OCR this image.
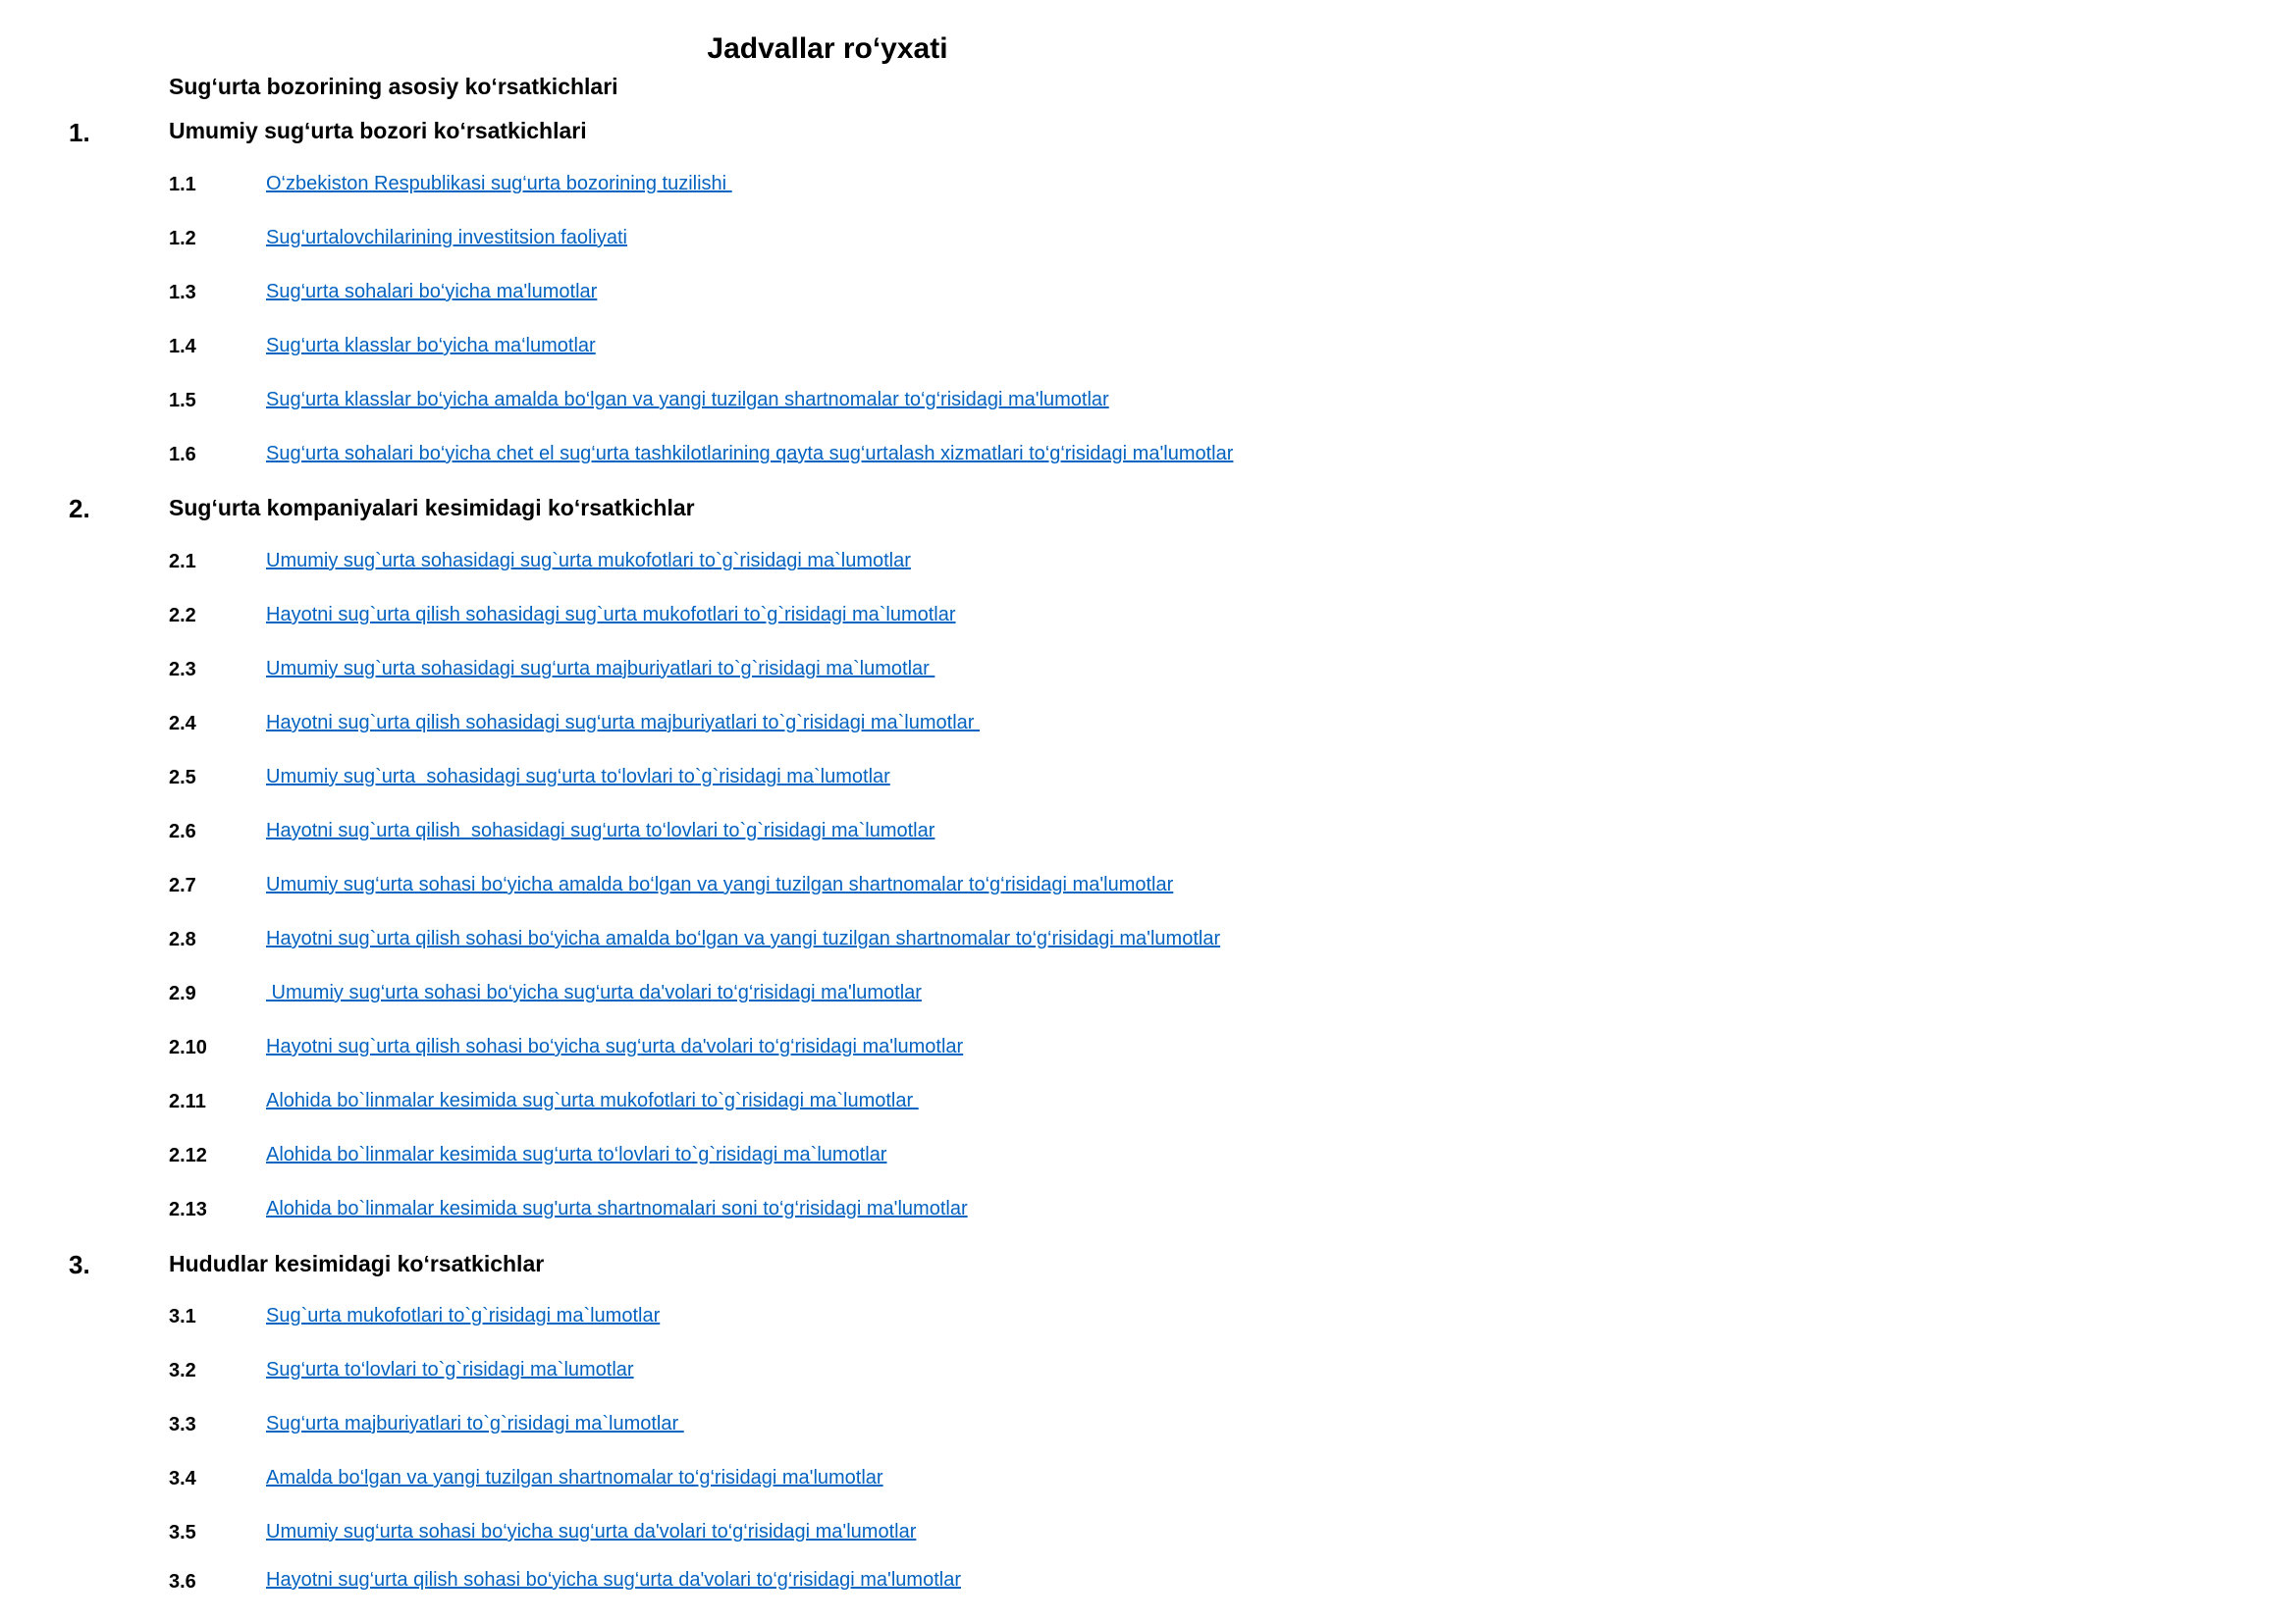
Jadvallar ro‘yxati
Sug‘urta bozorining asosiy ko‘rsatkichlari
1.	Umumiy sug‘urta bozori ko‘rsatkichlari
1.1	O‘zbekiston Respublikasi sug‘urta bozorining tuzilishi
1.2	Sug‘urtalovchilarining investitsion faoliyati
1.3	Sug‘urta sohalari bo‘yicha ma'lumotlar
1.4	Sug‘urta klasslar bo‘yicha ma‘lumotlar
1.5	Sug‘urta klasslar bo‘yicha amalda bo‘lgan va yangi tuzilgan shartnomalar to‘g‘risidagi ma'lumotlar
1.6	Sug‘urta sohalari bo‘yicha chet el sug‘urta tashkilotlarining qayta sug‘urtalash xizmatlari to‘g‘risidagi ma'lumotlar
2.	Sug‘urta kompaniyalari kesimidagi ko‘rsatkichlar
2.1	Umumiy sug`urta sohasidagi sug`urta mukofotlari to`g`risidagi ma`lumotlar
2.2	Hayotni sug`urta qilish sohasidagi sug`urta mukofotlari to`g`risidagi ma`lumotlar
2.3	Umumiy sug`urta sohasidagi sug‘urta majburiyatlari to`g`risidagi ma`lumotlar
2.4	Hayotni sug`urta qilish sohasidagi sug‘urta majburiyatlari to`g`risidagi ma`lumotlar
2.5	Umumiy sug`urta  sohasidagi sug‘urta to‘lovlari to`g`risidagi ma`lumotlar
2.6	Hayotni sug`urta qilish  sohasidagi sug‘urta to‘lovlari to`g`risidagi ma`lumotlar
2.7	Umumiy sug‘urta sohasi bo‘yicha amalda bo‘lgan va yangi tuzilgan shartnomalar to‘g‘risidagi ma'lumotlar
2.8	Hayotni sug`urta qilish sohasi bo‘yicha amalda bo‘lgan va yangi tuzilgan shartnomalar to‘g‘risidagi ma'lumotlar
2.9	Umumiy sug‘urta sohasi bo‘yicha sug‘urta da'volari to‘g‘risidagi ma'lumotlar
2.10	Hayotni sug`urta qilish sohasi bo‘yicha sug‘urta da'volari to‘g‘risidagi ma'lumotlar
2.11	Alohida bo`linmalar kesimida sug`urta mukofotlari to`g`risidagi ma`lumotlar
2.12	Alohida bo`linmalar kesimida sug‘urta to‘lovlari to`g`risidagi ma`lumotlar
2.13	Alohida bo`linmalar kesimida sug'urta shartnomalari soni to‘g‘risidagi ma'lumotlar
3.	Hududlar kesimidagi ko‘rsatkichlar
3.1	Sug`urta mukofotlari to`g`risidagi ma`lumotlar
3.2	Sug‘urta to‘lovlari to`g`risidagi ma`lumotlar
3.3	Sug‘urta majburiyatlari to`g`risidagi ma`lumotlar
3.4	Amalda bo‘lgan va yangi tuzilgan shartnomalar to‘g‘risidagi ma'lumotlar
3.5	Umumiy sug‘urta sohasi bo‘yicha sug‘urta da'volari to‘g‘risidagi ma'lumotlar
3.6	Hayotni sug‘urta qilish sohasi bo‘yicha sug‘urta da'volari to‘g‘risidagi ma'lumotlar
